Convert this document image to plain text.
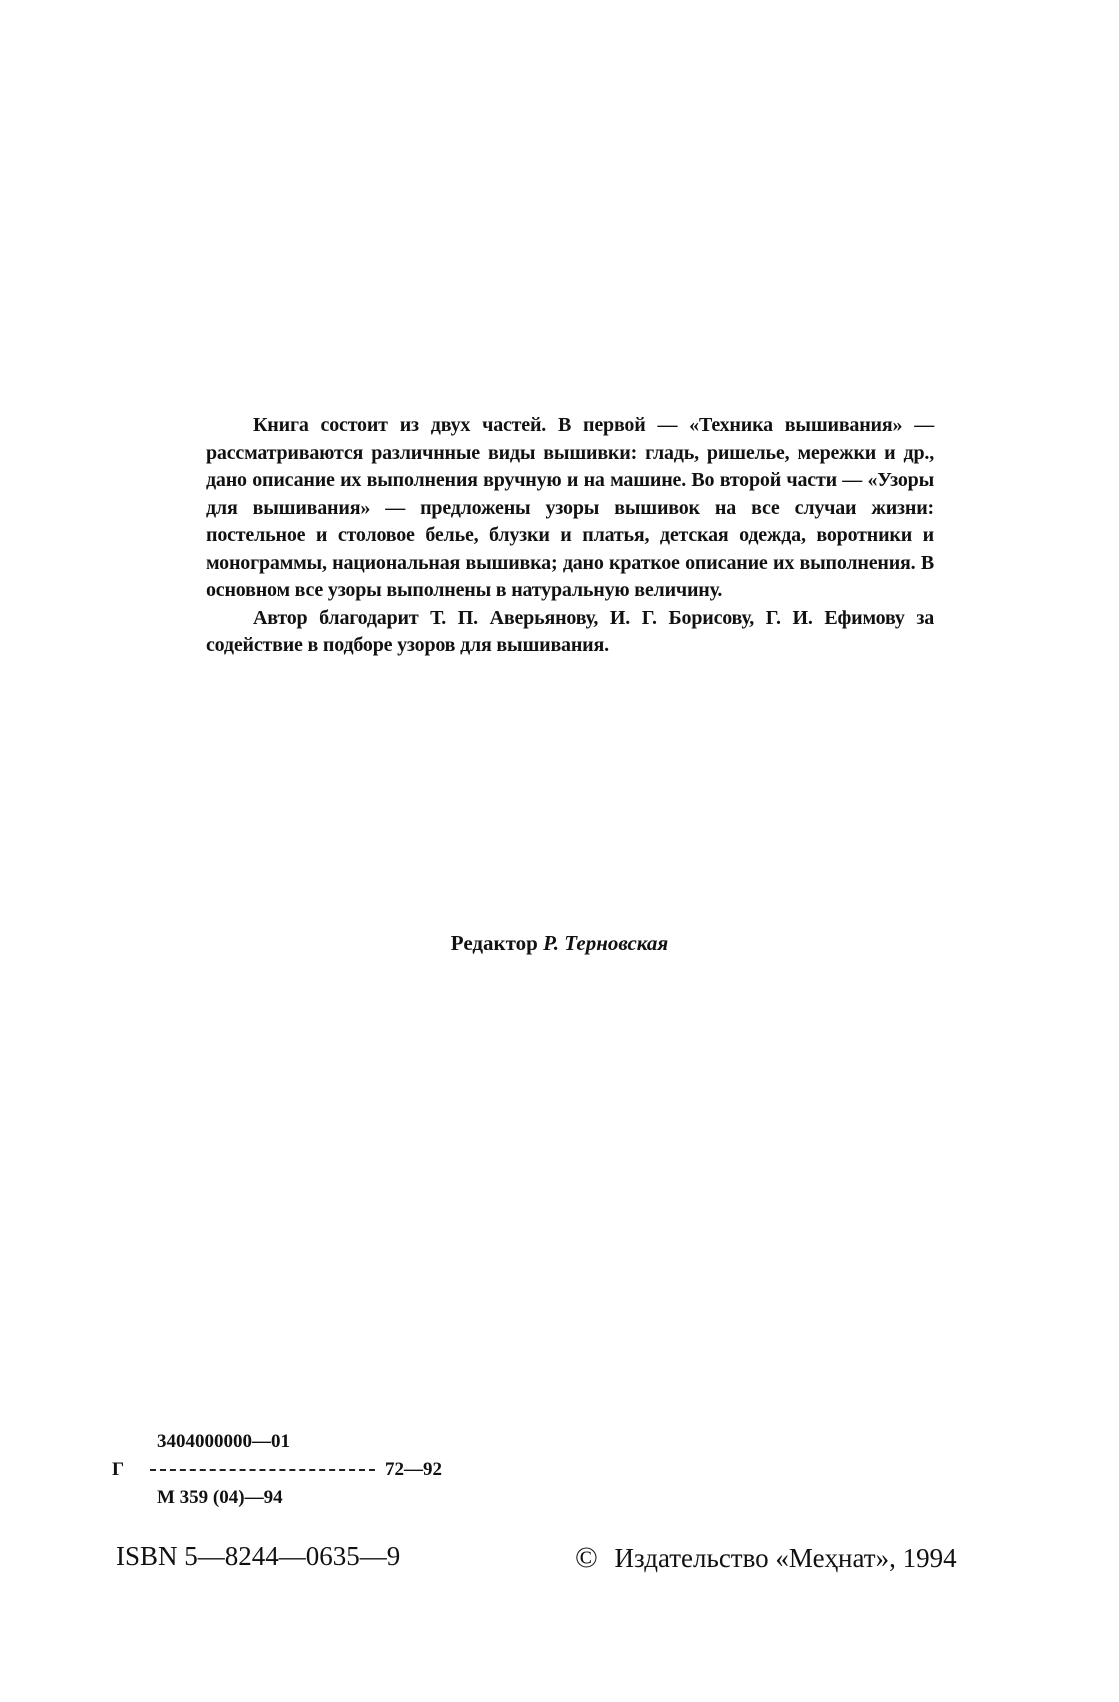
Книга состоит из двух частей. В первой — «Техника вышивания» — рассматриваются различнные виды вышивки: гладь, ришелье, мережки и др., дано описание их выполнения вручную и на машине. Во второй части — «Узоры для вышивания» — предложены узоры вышивок на все случаи жизни: постельное и столовое белье, блузки и платья, детская одежда, воротники и монограммы, национальная вышивка; дано краткое описание их выполнения. В основном все узоры выполнены в натуральную величину.

Автор благодарит Т. П. Аверьянову, И. Г. Борисову, Г. И. Ефимову за содействие в подборе узоров для вышивания.

Редактор Р. Терновская
3404000000—01
Г	72—92
М 359 (04)—94
ISBN 5—8244—0635—9	© Издательство «Меҳнат», 1994
